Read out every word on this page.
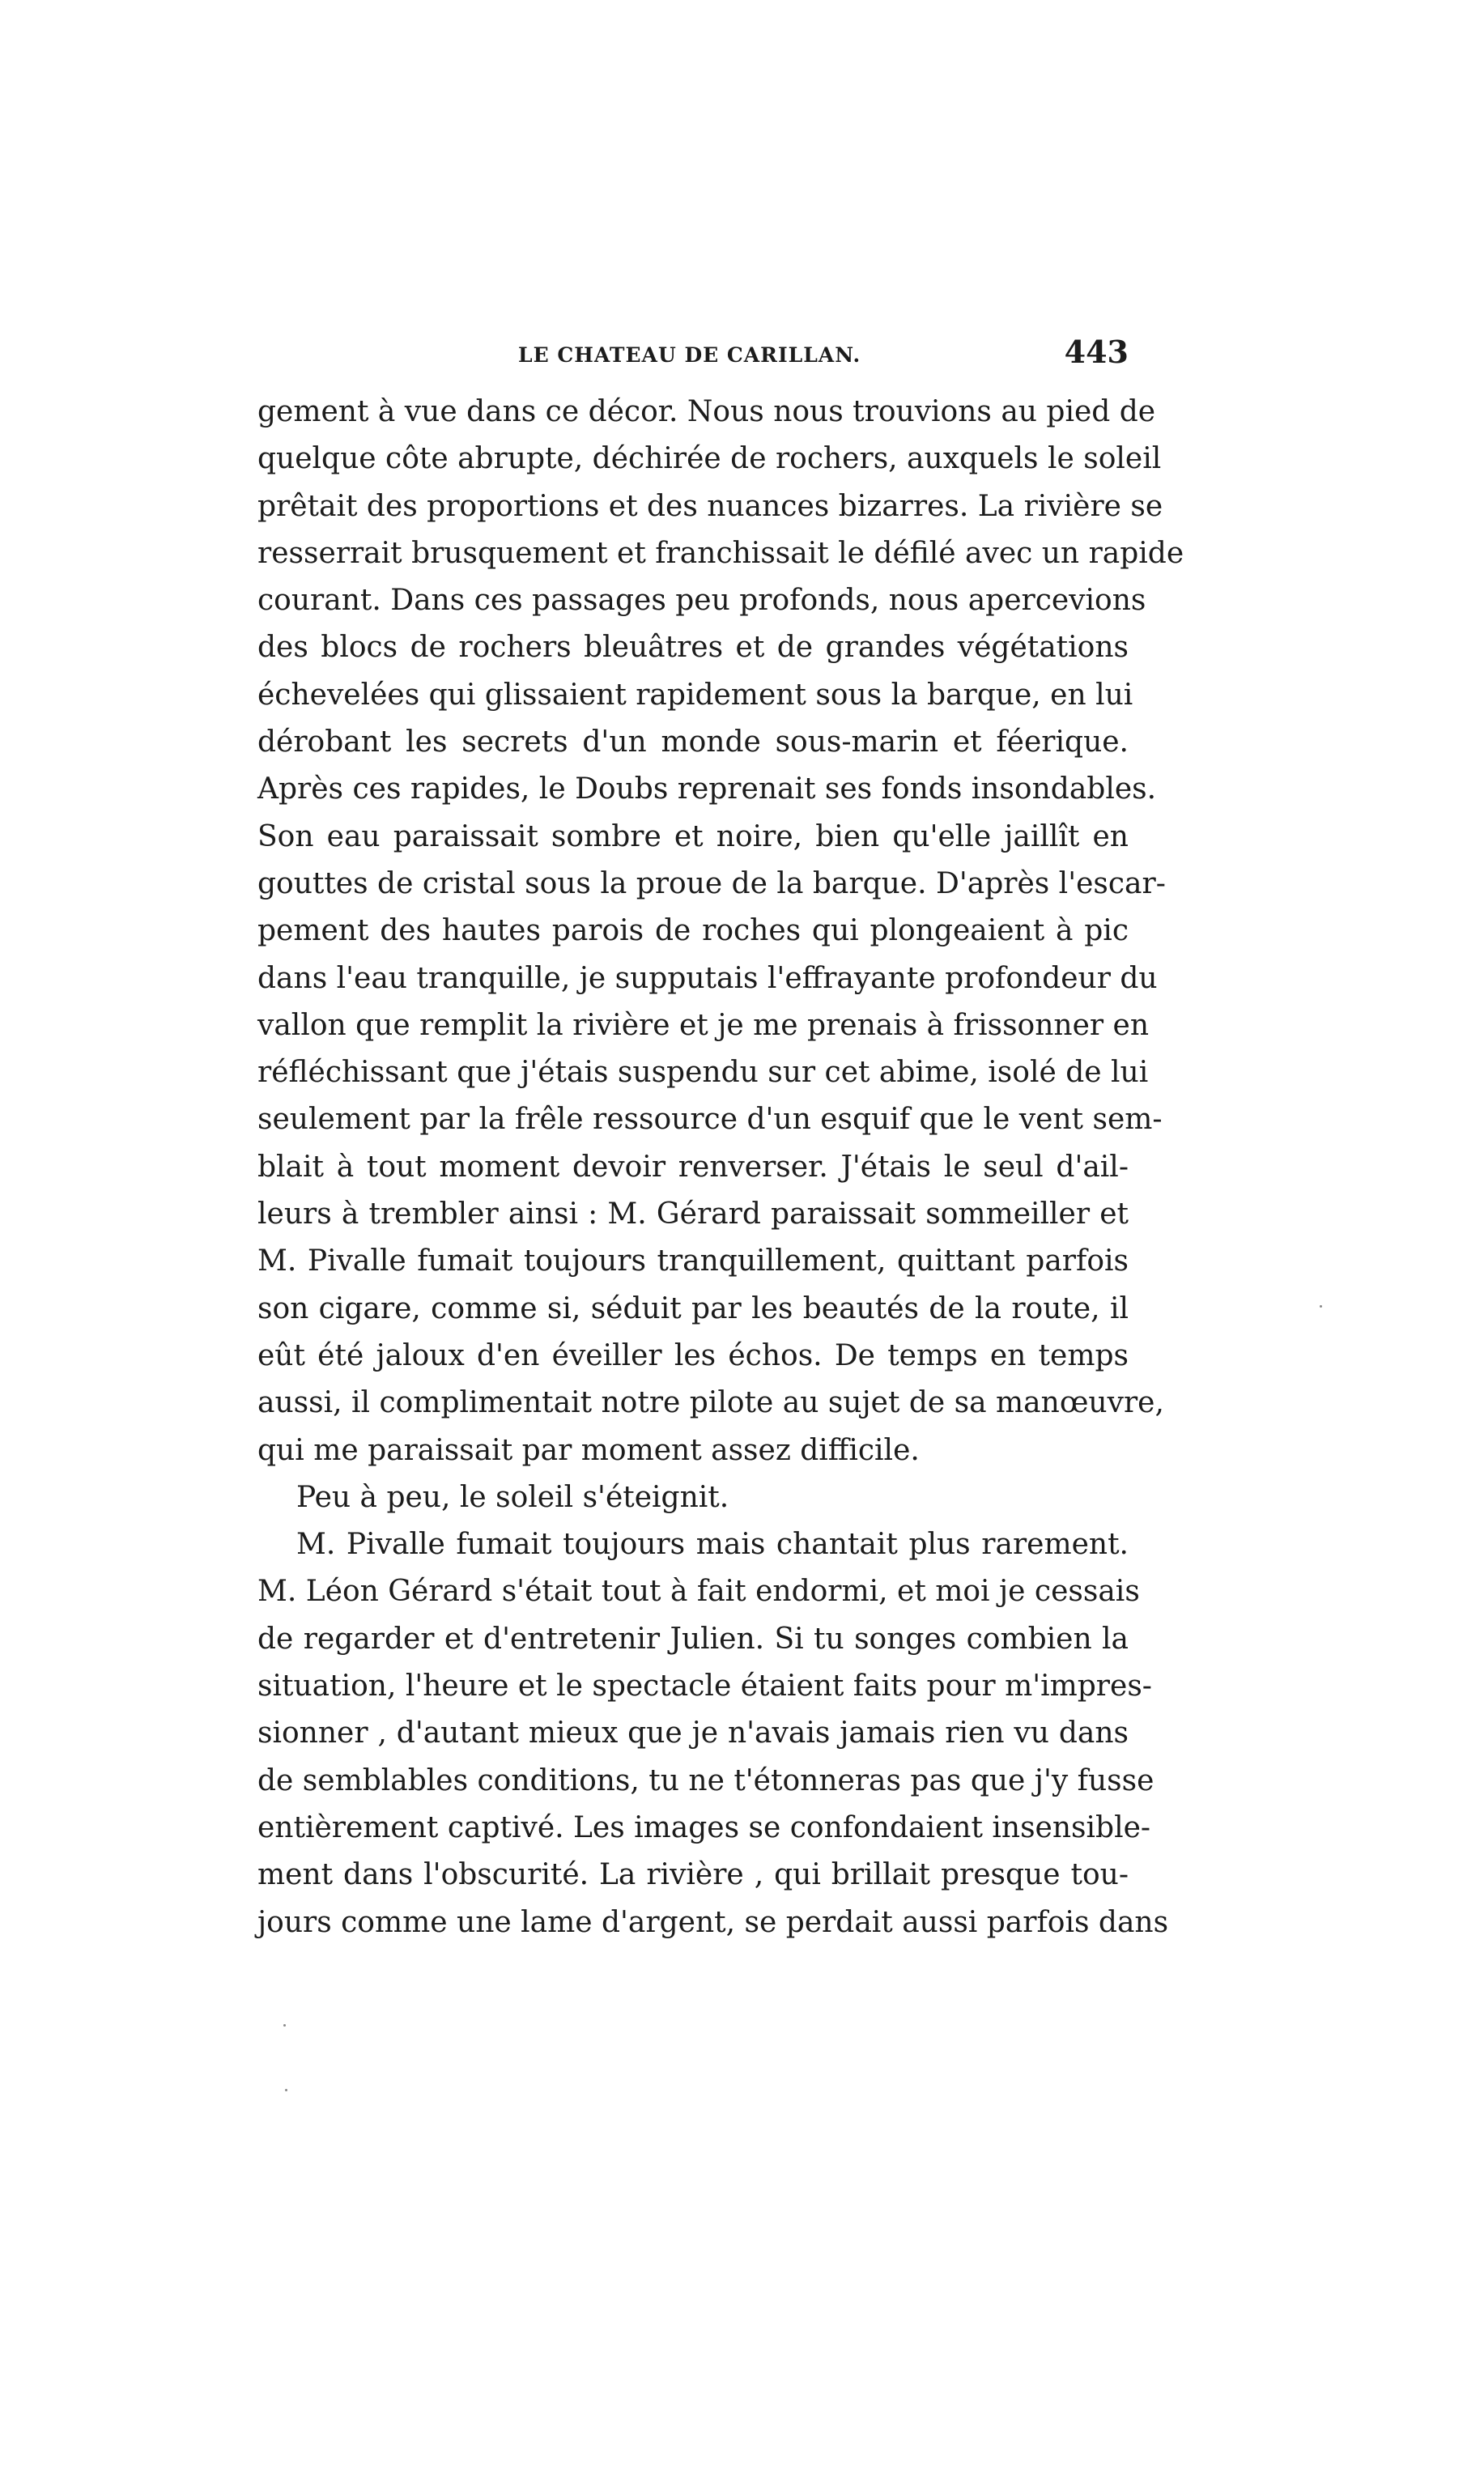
LE CHATEAU DE CARILLAN.	443
gement à vue dans ce décor. Nous nous trouvions au pied de
quelque côte abrupte, déchirée de rochers, auxquels le soleil
prêtait des proportions et des nuances bizarres. La rivière se
resserrait brusquement et franchissait le défilé avec un rapide
courant. Dans ces passages peu profonds, nous apercevions
des blocs de rochers bleuâtres et de grandes végétations
échevelées qui glissaient rapidement sous la barque, en lui
dérobant les secrets d'un monde sous-marin et féerique.
Après ces rapides, le Doubs reprenait ses fonds insondables.
Son eau paraissait sombre et noire, bien qu'elle jaillît en
gouttes de cristal sous la proue de la barque. D'après l'escar-
pement des hautes parois de roches qui plongeaient à pic
dans l'eau tranquille, je supputais l'effrayante profondeur du
vallon que remplit la rivière et je me prenais à frissonner en
réfléchissant que j'étais suspendu sur cet abime, isolé de lui
seulement par la frêle ressource d'un esquif que le vent sem-
blait à tout moment devoir renverser. J'étais le seul d'ail-
leurs à trembler ainsi : M. Gérard paraissait sommeiller et
M. Pivalle fumait toujours tranquillement, quittant parfois
son cigare, comme si, séduit par les beautés de la route, il
eût été jaloux d'en éveiller les échos. De temps en temps
aussi, il complimentait notre pilote au sujet de sa manœuvre,
qui me paraissait par moment assez difficile.
Peu à peu, le soleil s'éteignit.
M. Pivalle fumait toujours mais chantait plus rarement.
M. Léon Gérard s'était tout à fait endormi, et moi je cessais
de regarder et d'entretenir Julien. Si tu songes combien la
situation, l'heure et le spectacle étaient faits pour m'impres-
sionner , d'autant mieux que je n'avais jamais rien vu dans
de semblables conditions, tu ne t'étonneras pas que j'y fusse
entièrement captivé. Les images se confondaient insensible-
ment dans l'obscurité. La rivière , qui brillait presque tou-
jours comme une lame d'argent, se perdait aussi parfois dans
